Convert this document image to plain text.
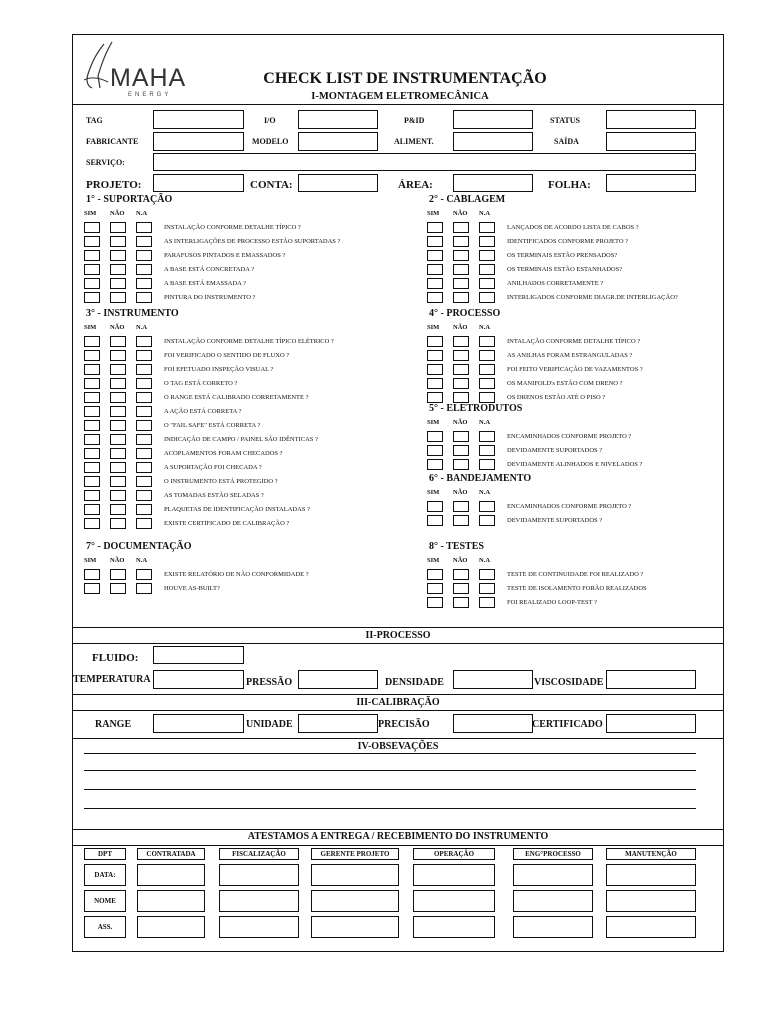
MAHA
ENERGY
CHECK LIST DE INSTRUMENTAÇÃO
I-MONTAGEM ELETROMECÂNICA
TAG	I/O	P&ID	STATUS
FABRICANTE	MODELO	ALIMENT.	SAÍDA
SERVIÇO:
PROJETO:	CONTA:	ÁREA:	FOLHA:
1° - SUPORTAÇÃO
SIM NÃO N.A
INSTALAÇÃO CONFORME DETALHE TÍPICO ?
AS INTERLIGAÇÕES DE PROCESSO ESTÃO SUPORTADAS ?
PARAFUSOS PINTADOS E EMASSADOS ?
A BASE ESTÁ CONCRETADA ?
A BASE ESTÁ EMASSADA ?
PINTURA DO INSTRUMENTO ?
2° - CABLAGEM
SIM NÃO N.A
LANÇADOS DE ACORDO LISTA DE CABOS ?
IDENTIFICADOS CONFORME PROJETO ?
OS TERMINAIS ESTÃO PRENSADOS?
OS TERMINAIS ESTÃO ESTANHADOS?
ANILHADOS CORRETAMENTE ?
INTERLIGADOS CONFORME DIAGR.DE INTERLIGAÇÃO?
3° - INSTRUMENTO
SIM NÃO N.A
INSTALAÇÃO CONFORME DETALHE TÍPICO ELÉTRICO ?
FOI VERIFICADO O SENTIDO DE FLUXO ?
FOI EFETUADO INSPEÇÃO VISUAL ?
O TAG ESTÁ CORRETO ?
O RANGE ESTÁ CALIBRADO CORRETAMENTE ?
A AÇÃO ESTÁ CORRETA ?
O "FAIL SAFE" ESTÁ CORRETA ?
INDICAÇÃO DE CAMPO / PAINEL SÃO IDÊNTICAS ?
ACOPLAMENTOS FORAM CHECADOS ?
A SUPORTAÇÃO FOI CHECADA ?
O INSTRUMENTO ESTÁ PROTEGIDO ?
AS TOMADAS ESTÃO SELADAS ?
PLAQUETAS DE IDENTIFICAÇÃO INSTALADAS ?
EXISTE CERTIFICADO DE CALIBRAÇÃO ?
4° - PROCESSO
SIM NÃO N.A
INTALAÇÃO CONFORME DETALHE TÍPICO ?
AS ANILHAS FORAM ESTRANGULADAS ?
FOI FEITO VERIFICAÇÃO DE VAZAMENTOS ?
OS MANIFOLD's ESTÃO COM DRENO ?
OS DRENOS ESTÃO ATÉ O PISO ?
5° - ELETRODUTOS
SIM NÃO N.A
ENCAMINHADOS CONFORME PROJETO ?
DEVIDAMENTE SUPORTADOS ?
DEVIDAMENTE ALINHADOS E NIVELADOS ?
6° - BANDEJAMENTO
SIM NÃO N.A
ENCAMINHADOS CONFORME PROJETO ?
DEVIDAMENTE SUPORTADOS ?
7° - DOCUMENTAÇÃO
SIM NÃO N.A
EXISTE RELATÓRIO DE NÃO CONFORMIDADE ?
HOUVE AS-BUILT?
8° - TESTES
SIM NÃO N.A
TESTE DE CONTINUIDADE FOI REALIZADO ?
TESTE DE ISOLAMENTO FORÃO REALIZADOS
FOI REALIZADO LOOP-TEST ?
II-PROCESSO
FLUIDO:
TEMPERATURA	PRESSÃO	DENSIDADE	VISCOSIDADE
III-CALIBRAÇÃO
RANGE	UNIDADE	PRECISÃO	CERTIFICADO
IV-OBSEVAÇÕES
ATESTAMOS A ENTREGA / RECEBIMENTO DO INSTRUMENTO
DPT	CONTRATADA	FISCALIZAÇÃO	GERENTE PROJETO	OPERAÇÃO	ENG°PROCESSO	MANUTENÇÃO
DATA:
NOME
ASS.
